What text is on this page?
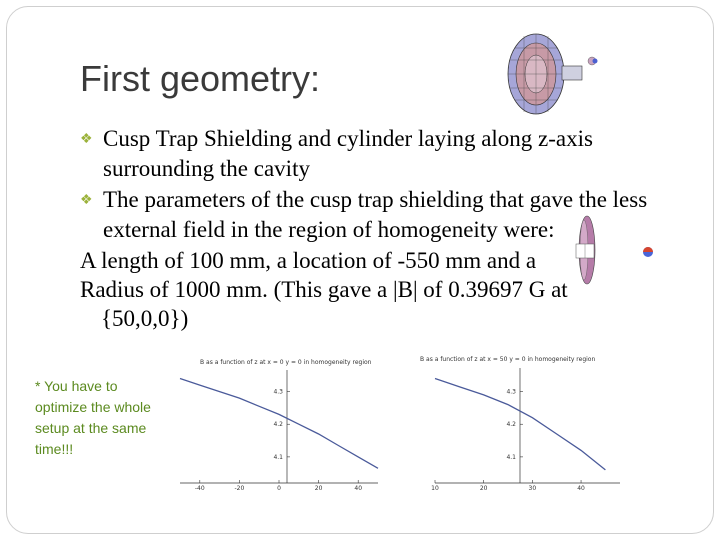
First geometry:
❖ Cusp Trap Shielding and cylinder laying along z-axis surrounding the cavity
❖ The parameters of the cusp trap shielding that gave the less external field in the region of homogeneity were:

A length of 100 mm, a location of -550 mm and a

Radius of 1000 mm. (This gave a |B| of 0.39697 G at

{50,0,0})

* You have to optimize the whole setup at the same time!!!
B as a function of z at x = 0 y = 0 in homogeneity region
-40	-20	0	20	40
4.3
4.2
4.1
B as a function of z at x = 50 y = 0 in homogeneity region
10	20	30	40
4.3
4.2
4.1
